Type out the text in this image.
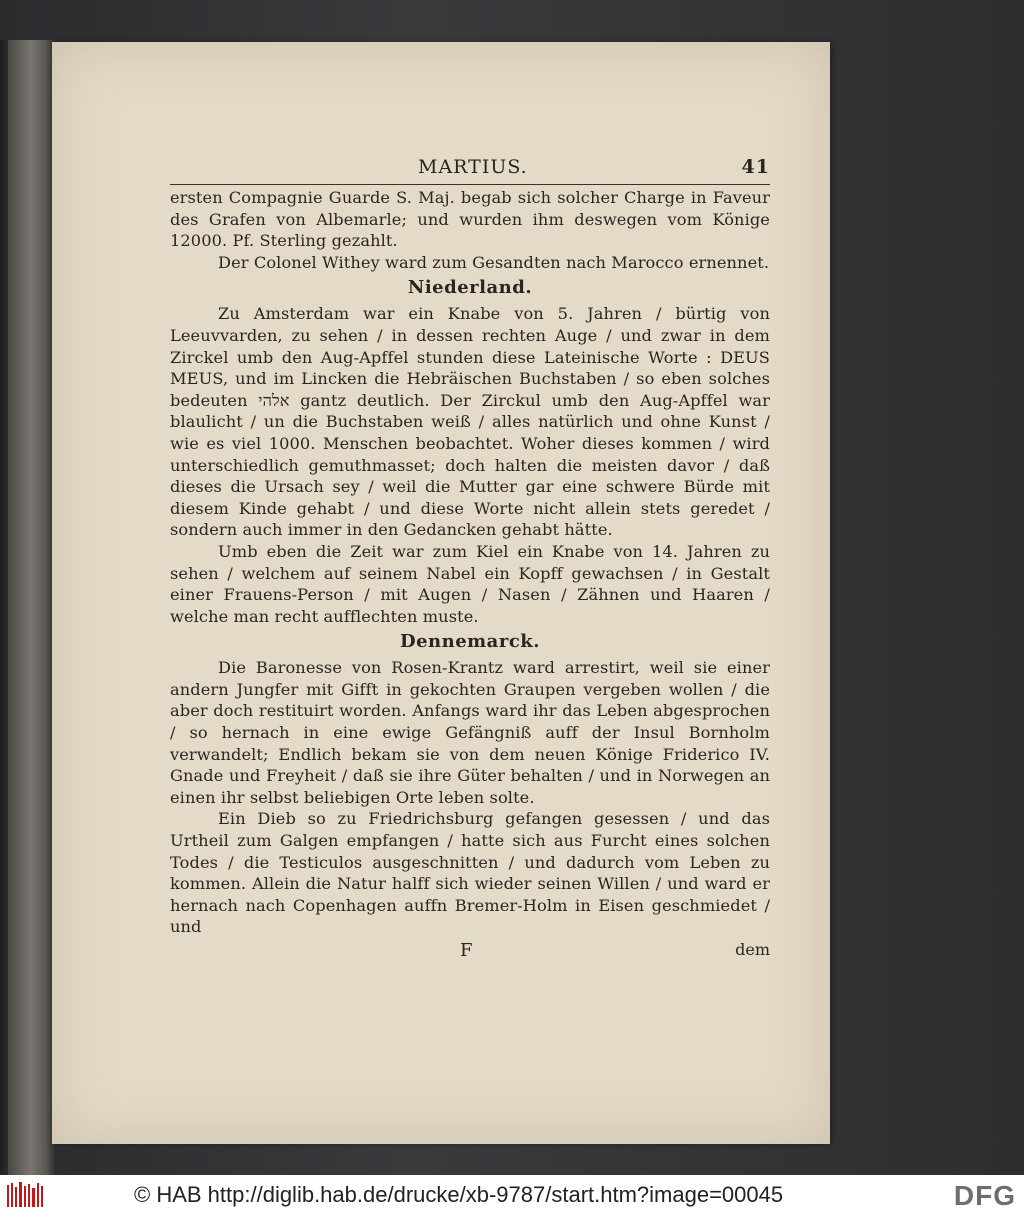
MARTIUS.	41

ersten Compagnie Guarde S. Maj. begab sich solcher Charge in Faveur des Grafen von Albemarle; und wurden ihm deswegen vom Könige 12000. Pf. Sterling gezahlt.

Der Colonel Withey ward zum Gesandten nach Marocco ernennet.

Niederland.

Zu Amsterdam war ein Knabe von 5. Jahren / bürtig von Leeuvvarden, zu sehen / in dessen rechten Auge / und zwar in dem Zirckel umb den Aug-Apffel stunden diese Lateinische Worte : DEUS MEUS, und im Lincken die Hebräischen Buchstaben / so eben solches bedeuten אלהי gantz deutlich. Der Zirckul umb den Aug-Apffel war blaulicht / un die Buchstaben weiß / alles natürlich und ohne Kunst / wie es viel 1000. Menschen beobachtet. Woher dieses kommen / wird unterschiedlich gemuthmasset; doch halten die meisten davor / daß dieses die Ursach sey / weil die Mutter gar eine schwere Bürde mit diesem Kinde gehabt / und diese Worte nicht allein stets geredet / sondern auch immer in den Gedancken gehabt hätte.

Umb eben die Zeit war zum Kiel ein Knabe von 14. Jahren zu sehen / welchem auf seinem Nabel ein Kopff gewachsen / in Gestalt einer Frauens-Person / mit Augen / Nasen / Zähnen und Haaren / welche man recht aufflechten muste.

Dennemarck.

Die Baronesse von Rosen-Krantz ward arrestirt, weil sie einer andern Jungfer mit Gifft in gekochten Graupen vergeben wollen / die aber doch restituirt worden. Anfangs ward ihr das Leben abgesprochen / so hernach in eine ewige Gefängniß auff der Insul Bornholm verwandelt; Endlich bekam sie von dem neuen Könige Friderico IV. Gnade und Freyheit / daß sie ihre Güter behalten / und in Norwegen an einen ihr selbst beliebigen Orte leben solte.

Ein Dieb so zu Friedrichsburg gefangen gesessen / und das Urtheil zum Galgen empfangen / hatte sich aus Furcht eines solchen Todes / die Testiculos ausgeschnitten / und dadurch vom Leben zu kommen. Allein die Natur halff sich wieder seinen Willen / und ward er hernach nach Copenhagen auffn Bremer-Holm in Eisen geschmiedet / und

F	dem
© HAB http://diglib.hab.de/drucke/xb-9787/start.htm?image=00045	DFG
